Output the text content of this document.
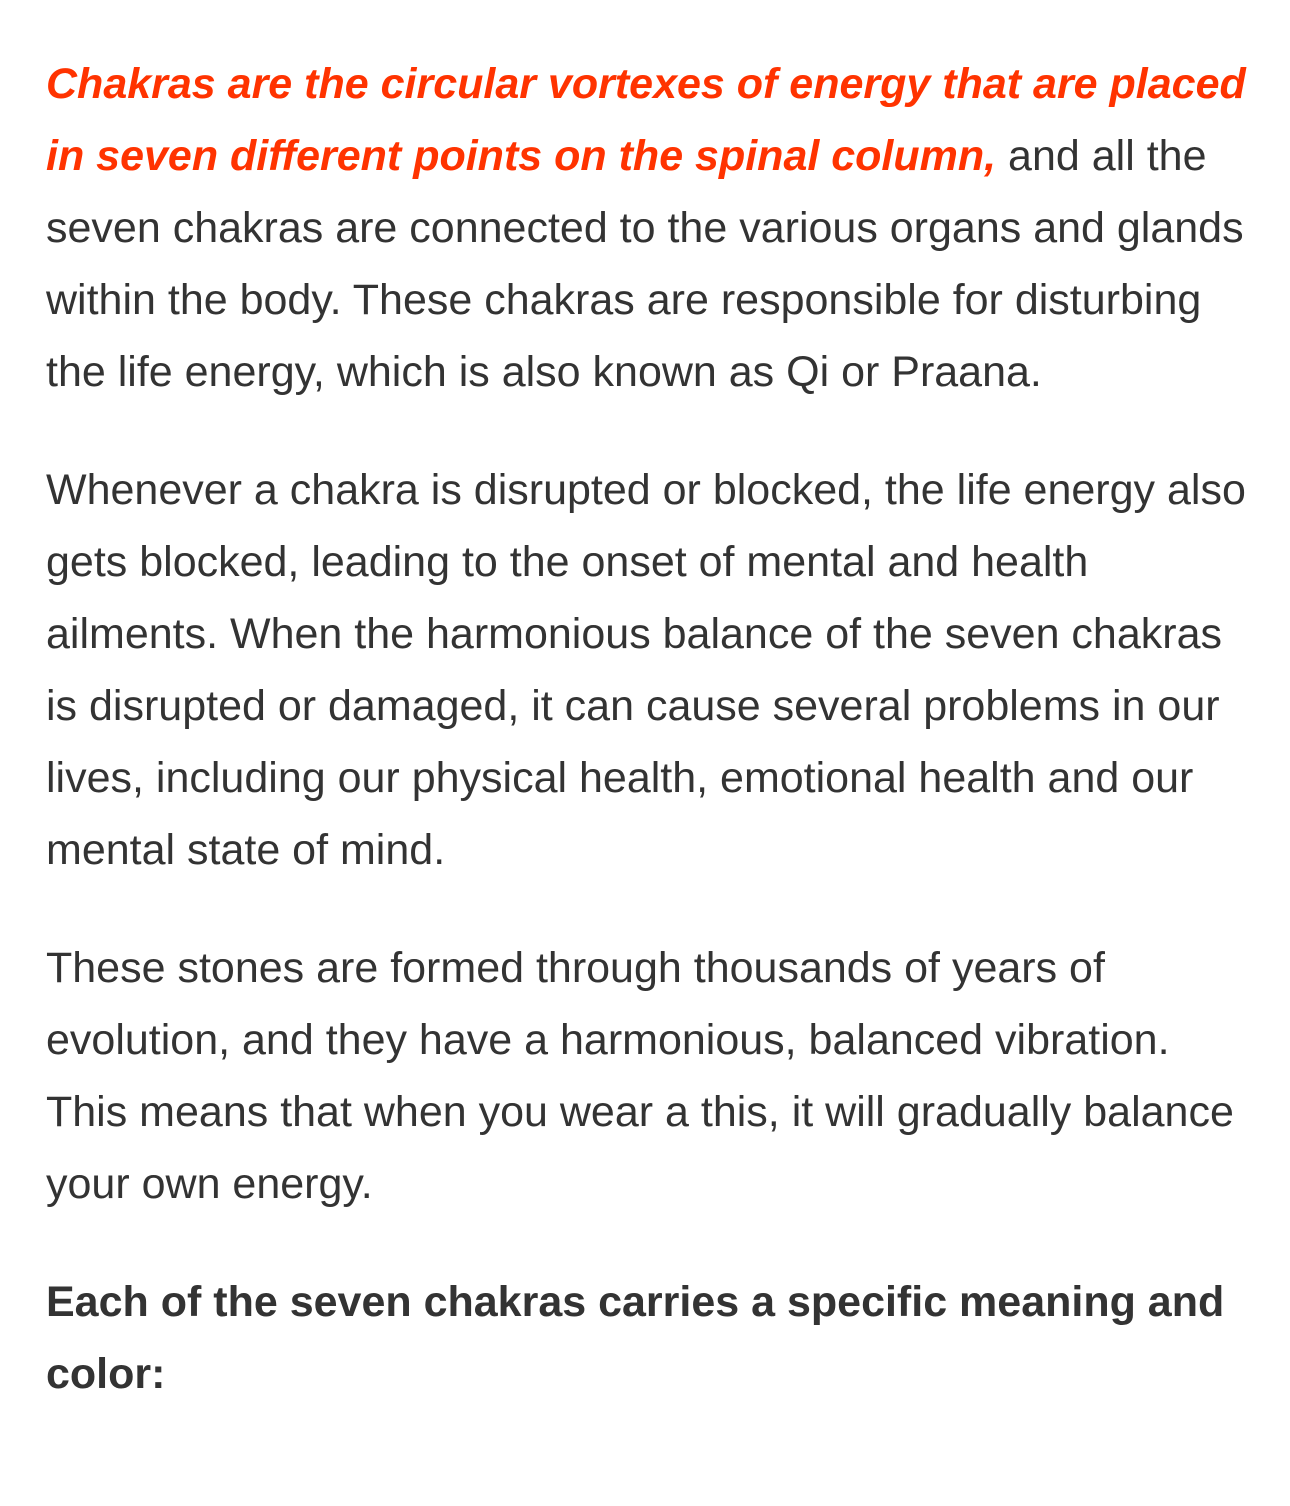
Chakras are the circular vortexes of energy that are placed in seven different points on the spinal column, and all the seven chakras are connected to the various organs and glands within the body. These chakras are responsible for disturbing the life energy, which is also known as Qi or Praana.

Whenever a chakra is disrupted or blocked, the life energy also gets blocked, leading to the onset of mental and health ailments. When the harmonious balance of the seven chakras is disrupted or damaged, it can cause several problems in our lives, including our physical health, emotional health and our mental state of mind.

These stones are formed through thousands of years of evolution, and they have a harmonious, balanced vibration. This means that when you wear a this, it will gradually balance your own energy.

Each of the seven chakras carries a specific meaning and color:
